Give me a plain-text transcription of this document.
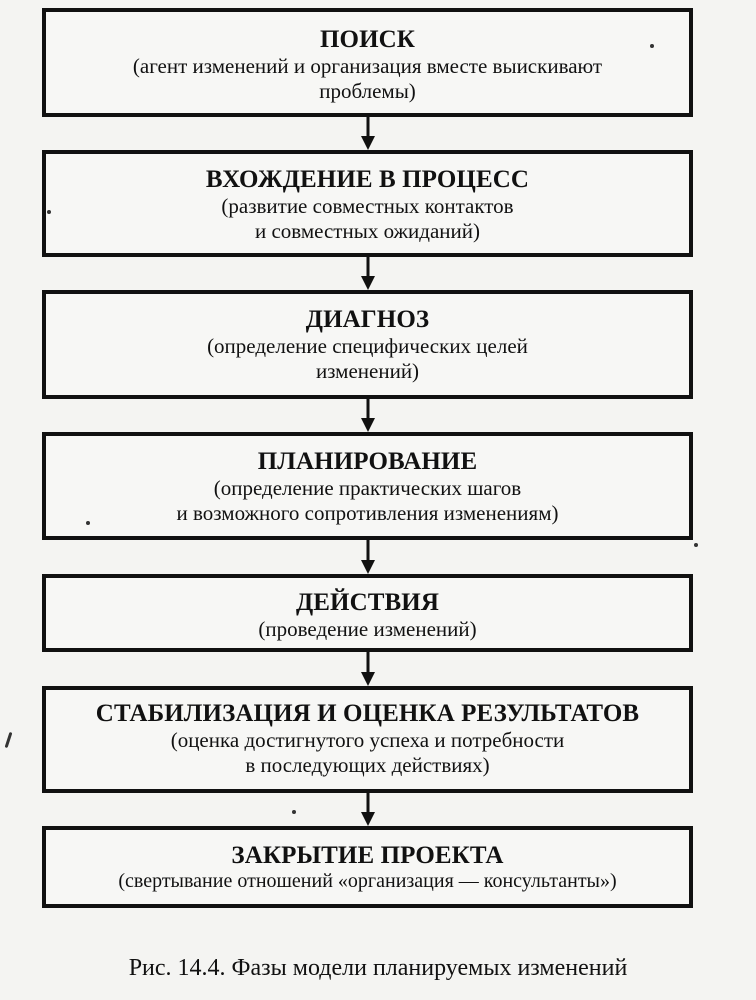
ПОИСК
(агент изменений и организация вместе выискивают
проблемы)
ВХОЖДЕНИЕ В ПРОЦЕСС
(развитие совместных контактов
и совместных ожиданий)
ДИАГНОЗ
(определение специфических целей
изменений)
ПЛАНИРОВАНИЕ
(определение практических шагов
и возможного сопротивления изменениям)
ДЕЙСТВИЯ
(проведение изменений)
СТАБИЛИЗАЦИЯ И ОЦЕНКА РЕЗУЛЬТАТОВ
(оценка достигнутого успеха и потребности
в последующих действиях)
ЗАКРЫТИЕ ПРОЕКТА
(свертывание отношений «организация — консультанты»)
Рис. 14.4. Фазы модели планируемых изменений
